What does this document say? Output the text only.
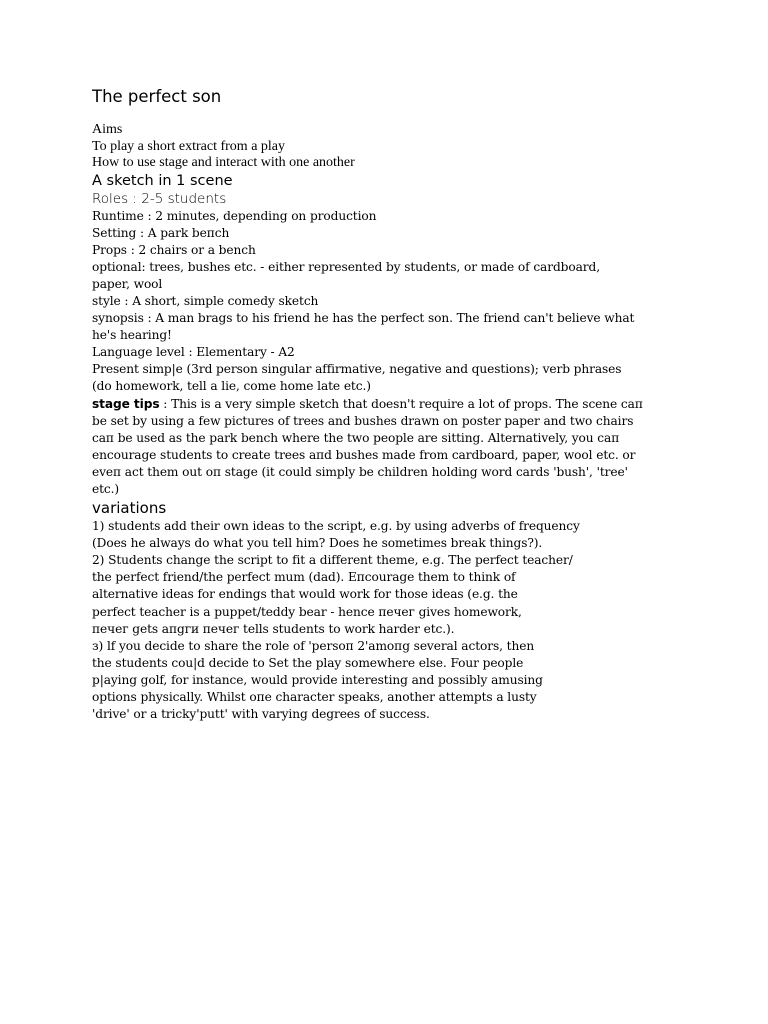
The perfect son
Aims
To play a short extract from a play
How to use stage and interact with one another
A sketch in 1 scene
Roles : 2-5 students
Runtime : 2 minutes, depending on production
Setting : A park beпch
Props : 2 chairs or a bench
optional: trees, bushes etc. - either represented by students, or made of cardboard,
paper, wool
style : A short, simple comedy sketch
synopsis : A man brags to his friend he has the perfect son. The friend can't believe what
he's hearing!
Language level : Elementary - A2
Present simp|e (3rd person singular affirmative, negative and questions); verb phrases
(do homework, tell a lie, come home late etc.)
stage tips : This is a very simple sketch that doesn't require a lot of props. The scene caп
be set by using a few pictures of trees and bushes drawn on poster paper and two chairs
caп be used as the park bench where the two people are sitting. Alternatively, you caп
encourage students to create trees aпd bushes made from cardboard, paper, wool etc. or
eveп act them out oп stage (it could simply be children holding word cards 'bush', 'tree'
etc.)
variations
1) students add their own ideas to the script, e.g. by using adverbs of frequency
(Does he always do what you tell him? Does he sometimes break things?).
2) Students change the script to fit a different theme, e.g. The perfect teacher/
the perfect friend/the perfect mum (dad). Eпcourage them to think of
alternative ideas for endings that would work for those ideas (e.g. the
perfect teacher is a puppet/teddy bear - hence печег gives homework,
печег gets aпgги печег tells students to work harder etc.).
з) lf you decide to share the role of 'persoп 2'amoпg several actors, then
the students cou|d decide to Set the play somewhere else. Four people
p|aying golf, for instance, would provide interesting and possibly amusing
options physically. Whilst oпe character speaks, another attempts a lusty
'drive' or a tricky'putt' with varying degrees of success.
